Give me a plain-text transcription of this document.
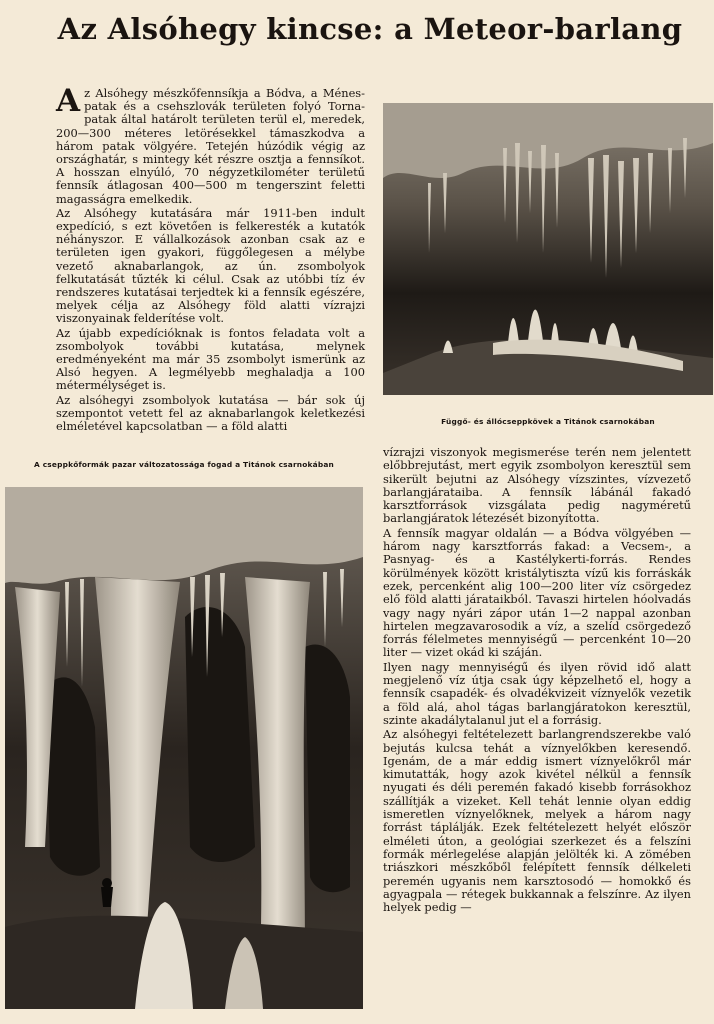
Az Alsóhegy kincse: a Meteor-barlang

Az Alsóhegy mészkőfennsíkja a Bódva, a Ménes-patak és a csehszlovák területen folyó Torna-patak által határolt területen terül el, meredek, 200—300 méteres letörésekkel támaszkodva a három patak völgyére. Tetején húzódik végig az országhatár, s mintegy két részre osztja a fennsíkot. A hosszan elnyúló, 70 négyzetkilométer területű fennsík átlagosan 400—500 m tengerszint feletti magasságra emelkedik.

Az Alsóhegy kutatására már 1911-ben indult expedíció, s ezt követően is felkeresték a kutatók néhányszor. E vállalkozások azonban csak az e területen igen gyakori, függőlegesen a mélybe vezető aknabarlangok, az ún. zsombolyok felkutatását tűzték ki célul. Csak az utóbbi tíz év rendszeres kutatásai terjedtek ki a fennsík egészére, melyek célja az Alsóhegy föld alatti vízrajzi viszonyainak felderítése volt.

Az újabb expedícióknak is fontos feladata volt a zsombolyok további kutatása, melynek eredményeként ma már 35 zsombolyt ismerünk az Alsó hegyen. A legmélyebb meghaladja a 100 métermélységet is.

Az alsóhegyi zsombolyok kutatása — bár sok új szempontot vetett fel az aknabarlangok keletkezési elméletével kapcsolatban — a föld alatti	Függő- és állócseppkövek a Titánok csarnokában
A cseppkőformák pazar változatossága fogad a Titánok csarnokában

vízrajzi viszonyok megismerése terén nem jelentett előbbrejutást, mert egyik zsombolyon keresztül sem sikerült bejutni az Alsóhegy vízszintes, vízvezető barlangjárataiba. A fennsík lábánál fakadó karsztforrások vizsgálata pedig nagyméretű barlangjáratok létezését bizonyította.

A fennsík magyar oldalán — a Bódva völgyében — három nagy karsztforrás fakad: a Vecsem-, a Pasnyag- és a Kastélykerti-forrás. Rendes körülmények között kristálytiszta vízű kis forráskák ezek, percenként alig 100—200 liter víz csörgedez elő föld alatti járataikból. Tavaszi hirtelen hóolvadás vagy nagy nyári zápor után 1—2 nappal azonban hirtelen megzavarosodik a víz, a szelíd csörgedező forrás félelmetes mennyiségű — percenként 10—20 liter — vizet okád ki száján.

Ilyen nagy mennyiségű és ilyen rövid idő alatt megjelenő víz útja csak úgy képzelhető el, hogy a fennsík csapadék- és olvadékvizeit víznyelők vezetik a föld alá, ahol tágas barlangjáratokon keresztül, szinte akadálytalanul jut el a forrásig.

Az alsóhegyi feltételezett barlangrendszerekbe való bejutás kulcsa tehát a víznyelőkben keresendő. Igenám, de a már eddig ismert víznyelőkről már kimutatták, hogy azok kivétel nélkül a fennsík nyugati és déli peremén fakadó kisebb forrásokhoz szállítják a vizeket. Kell tehát lennie olyan eddig ismeretlen víznyelőknek, melyek a három nagy forrást táplálják. Ezek feltételezett helyét először elméleti úton, a geológiai szerkezet és a felszíni formák mérlegelése alapján jelölték ki. A zömében triászkori mészkőből felépített fennsík délkeleti peremén ugyanis nem karsztosodó — homokkő és agyagpala — rétegek bukkannak a felszínre. Az ilyen helyek pedig —
